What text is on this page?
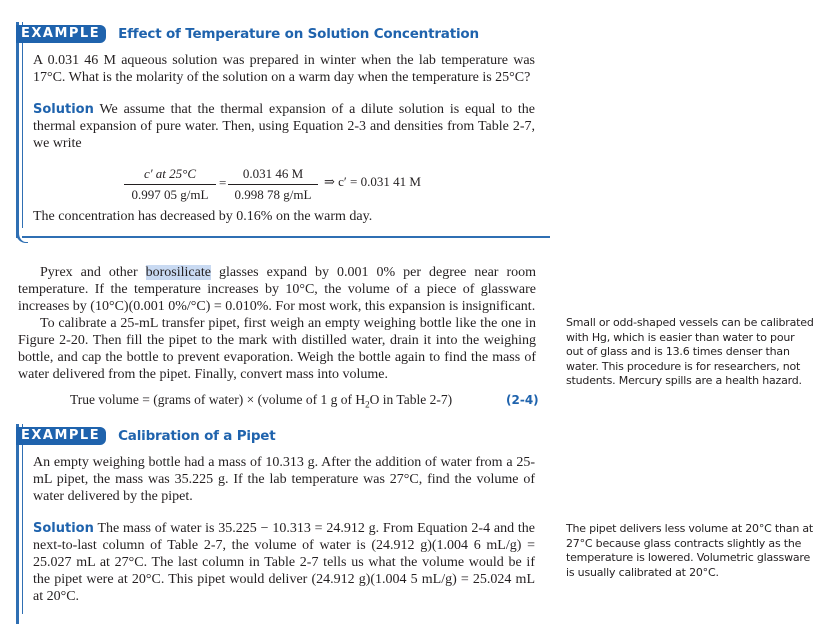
EXAMPLE	Effect of Temperature on Solution Concentration
A 0.031 46 M aqueous solution was prepared in winter when the lab temperature was 17°C. What is the molarity of the solution on a warm day when the temperature is 25°C?
Solution We assume that the thermal expansion of a dilute solution is equal to the thermal expansion of pure water. Then, using Equation 2-3 and densities from Table 2-7, we write
$\frac{c' at 25^\circ C}{0.997 05 g/mL} = \frac{0.031 46 M}{0.998 78 g/mL}$ ⇒ c′ = 0.031 41 M
The concentration has decreased by 0.16% on the warm day.
Pyrex and other borosilicate glasses expand by 0.001 0% per degree near room temperature. If the temperature increases by 10°C, the volume of a piece of glassware increases by (10°C)(0.001 0%/°C) = 0.010%. For most work, this expansion is insignificant.
To calibrate a 25-mL transfer pipet, first weigh an empty weighing bottle like the one in Figure 2-20. Then fill the pipet to the mark with distilled water, drain it into the weighing bottle, and cap the bottle to prevent evaporation. Weigh the bottle again to find the mass of water delivered from the pipet. Finally, convert mass into volume.
True volume = (grams of water) × (volume of 1 g of $H_2O$ in Table 2-7)	(2-4)
Small or odd-shaped vessels can be calibrated with Hg, which is easier than water to pour out of glass and is 13.6 times denser than water. This procedure is for researchers, not students. Mercury spills are a health hazard.
EXAMPLE	Calibration of a Pipet
An empty weighing bottle had a mass of 10.313 g. After the addition of water from a 25-mL pipet, the mass was 35.225 g. If the lab temperature was 27°C, find the volume of water delivered by the pipet.
Solution The mass of water is 35.225 − 10.313 = 24.912 g. From Equation 2-4 and the next-to-last column of Table 2-7, the volume of water is (24.912 g)(1.004 6 mL/g) = 25.027 mL at 27°C. The last column in Table 2-7 tells us what the volume would be if the pipet were at 20°C. This pipet would deliver (24.912 g)(1.004 5 mL/g) = 25.024 mL at 20°C.
The pipet delivers less volume at 20°C than at 27°C because glass contracts slightly as the temperature is lowered. Volumetric glassware is usually calibrated at 20°C.
